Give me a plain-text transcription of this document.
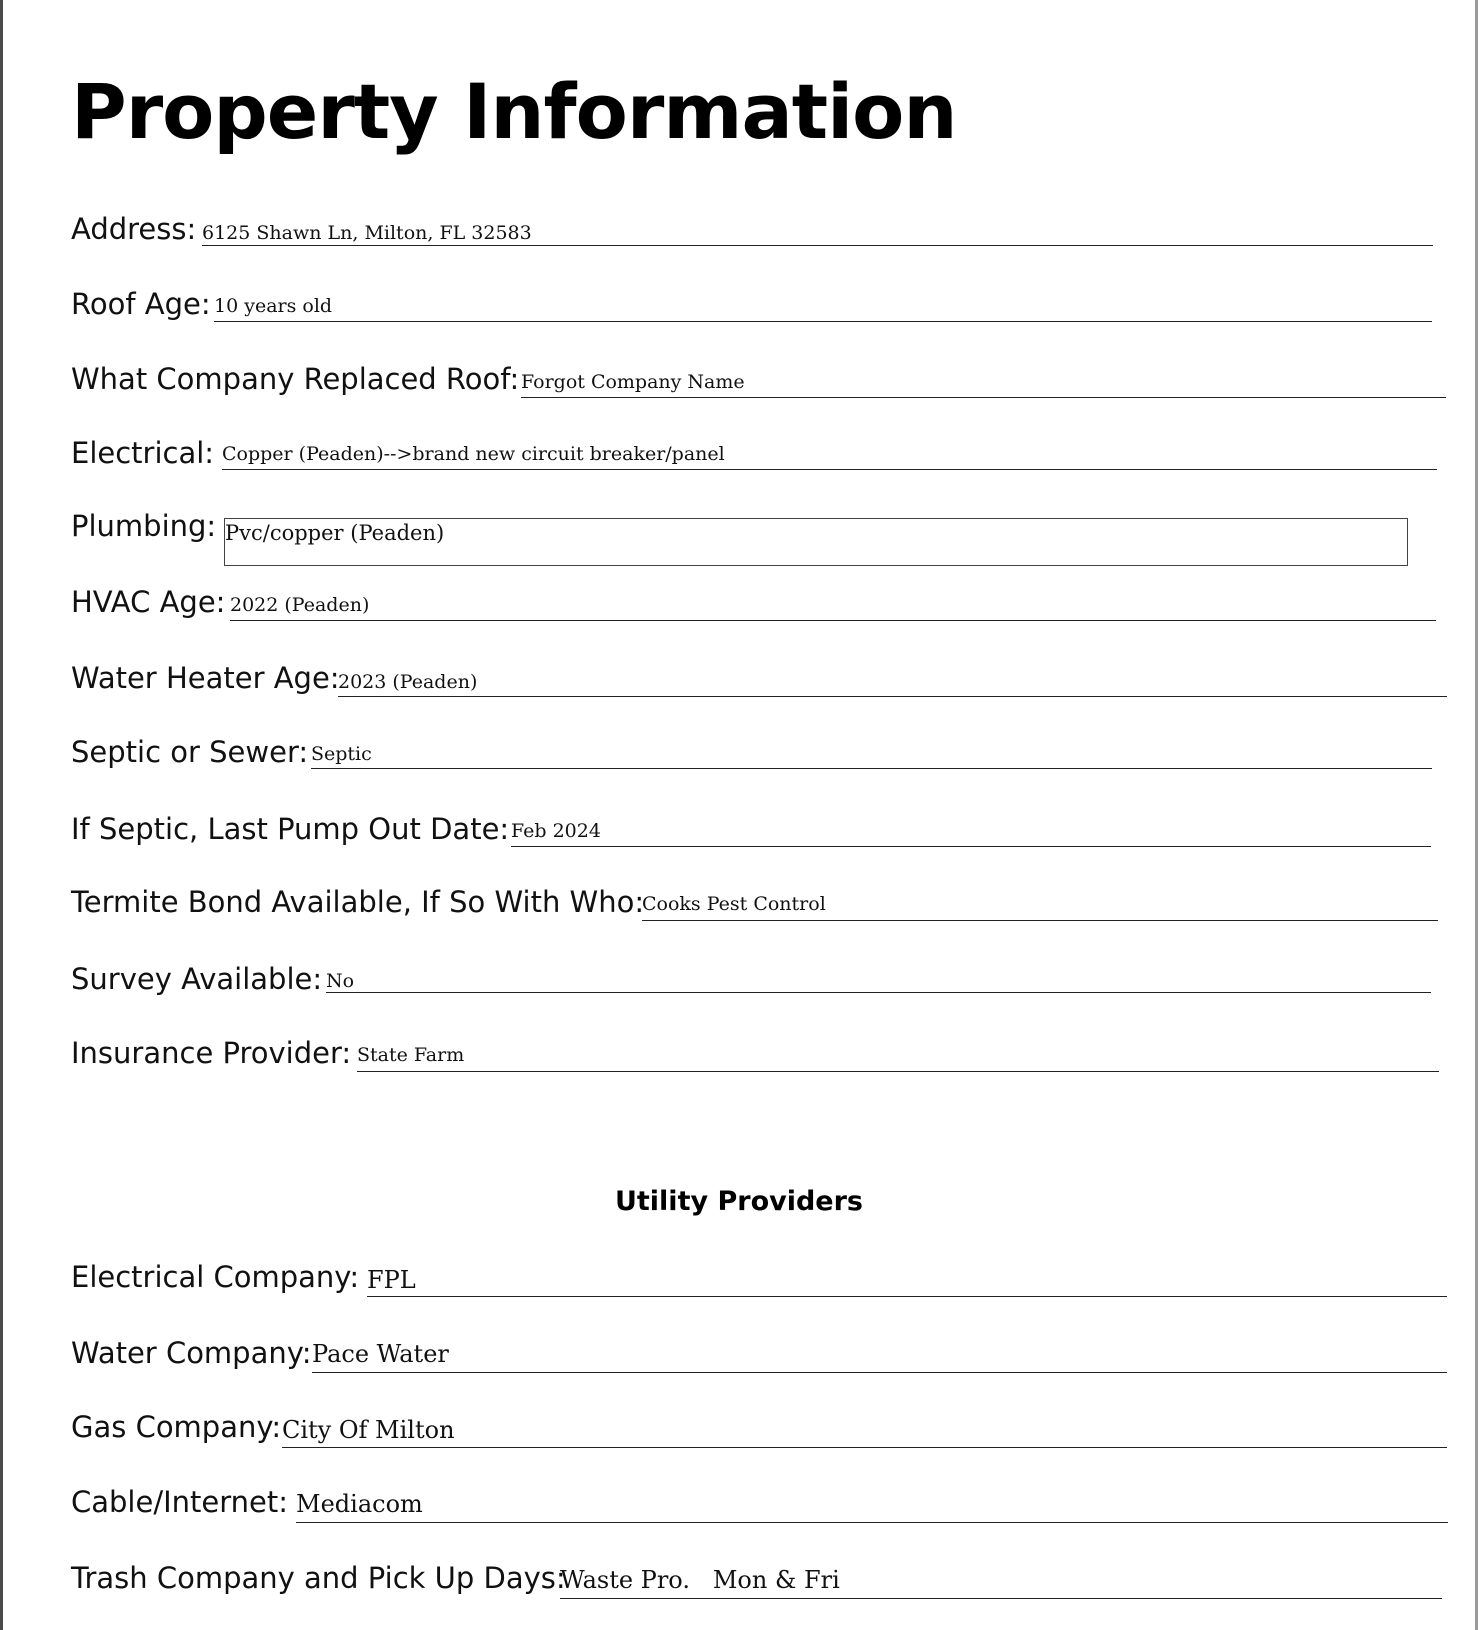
Property Information
Address: 6125 Shawn Ln, Milton, FL 32583
Roof Age: 10 years old
What Company Replaced Roof: Forgot Company Name
Electrical: Copper (Peaden)-->brand new circuit breaker/panel
Plumbing: Pvc/copper (Peaden)
HVAC Age: 2022 (Peaden)
Water Heater Age:
2023 (Peaden)
Septic or Sewer: Septic
If Septic, Last Pump Out Date: Feb 2024
Termite Bond Available, If So With Who:
Cooks Pest Control
Survey Available: No
Insurance Provider: State Farm
Utility Providers
Electrical Company: FPL
Water Company: Pace Water
Gas Company: City Of Milton
Cable/Internet: Mediacom
Trash Company and Pick Up Days:
Waste Pro.   Mon & Fri
